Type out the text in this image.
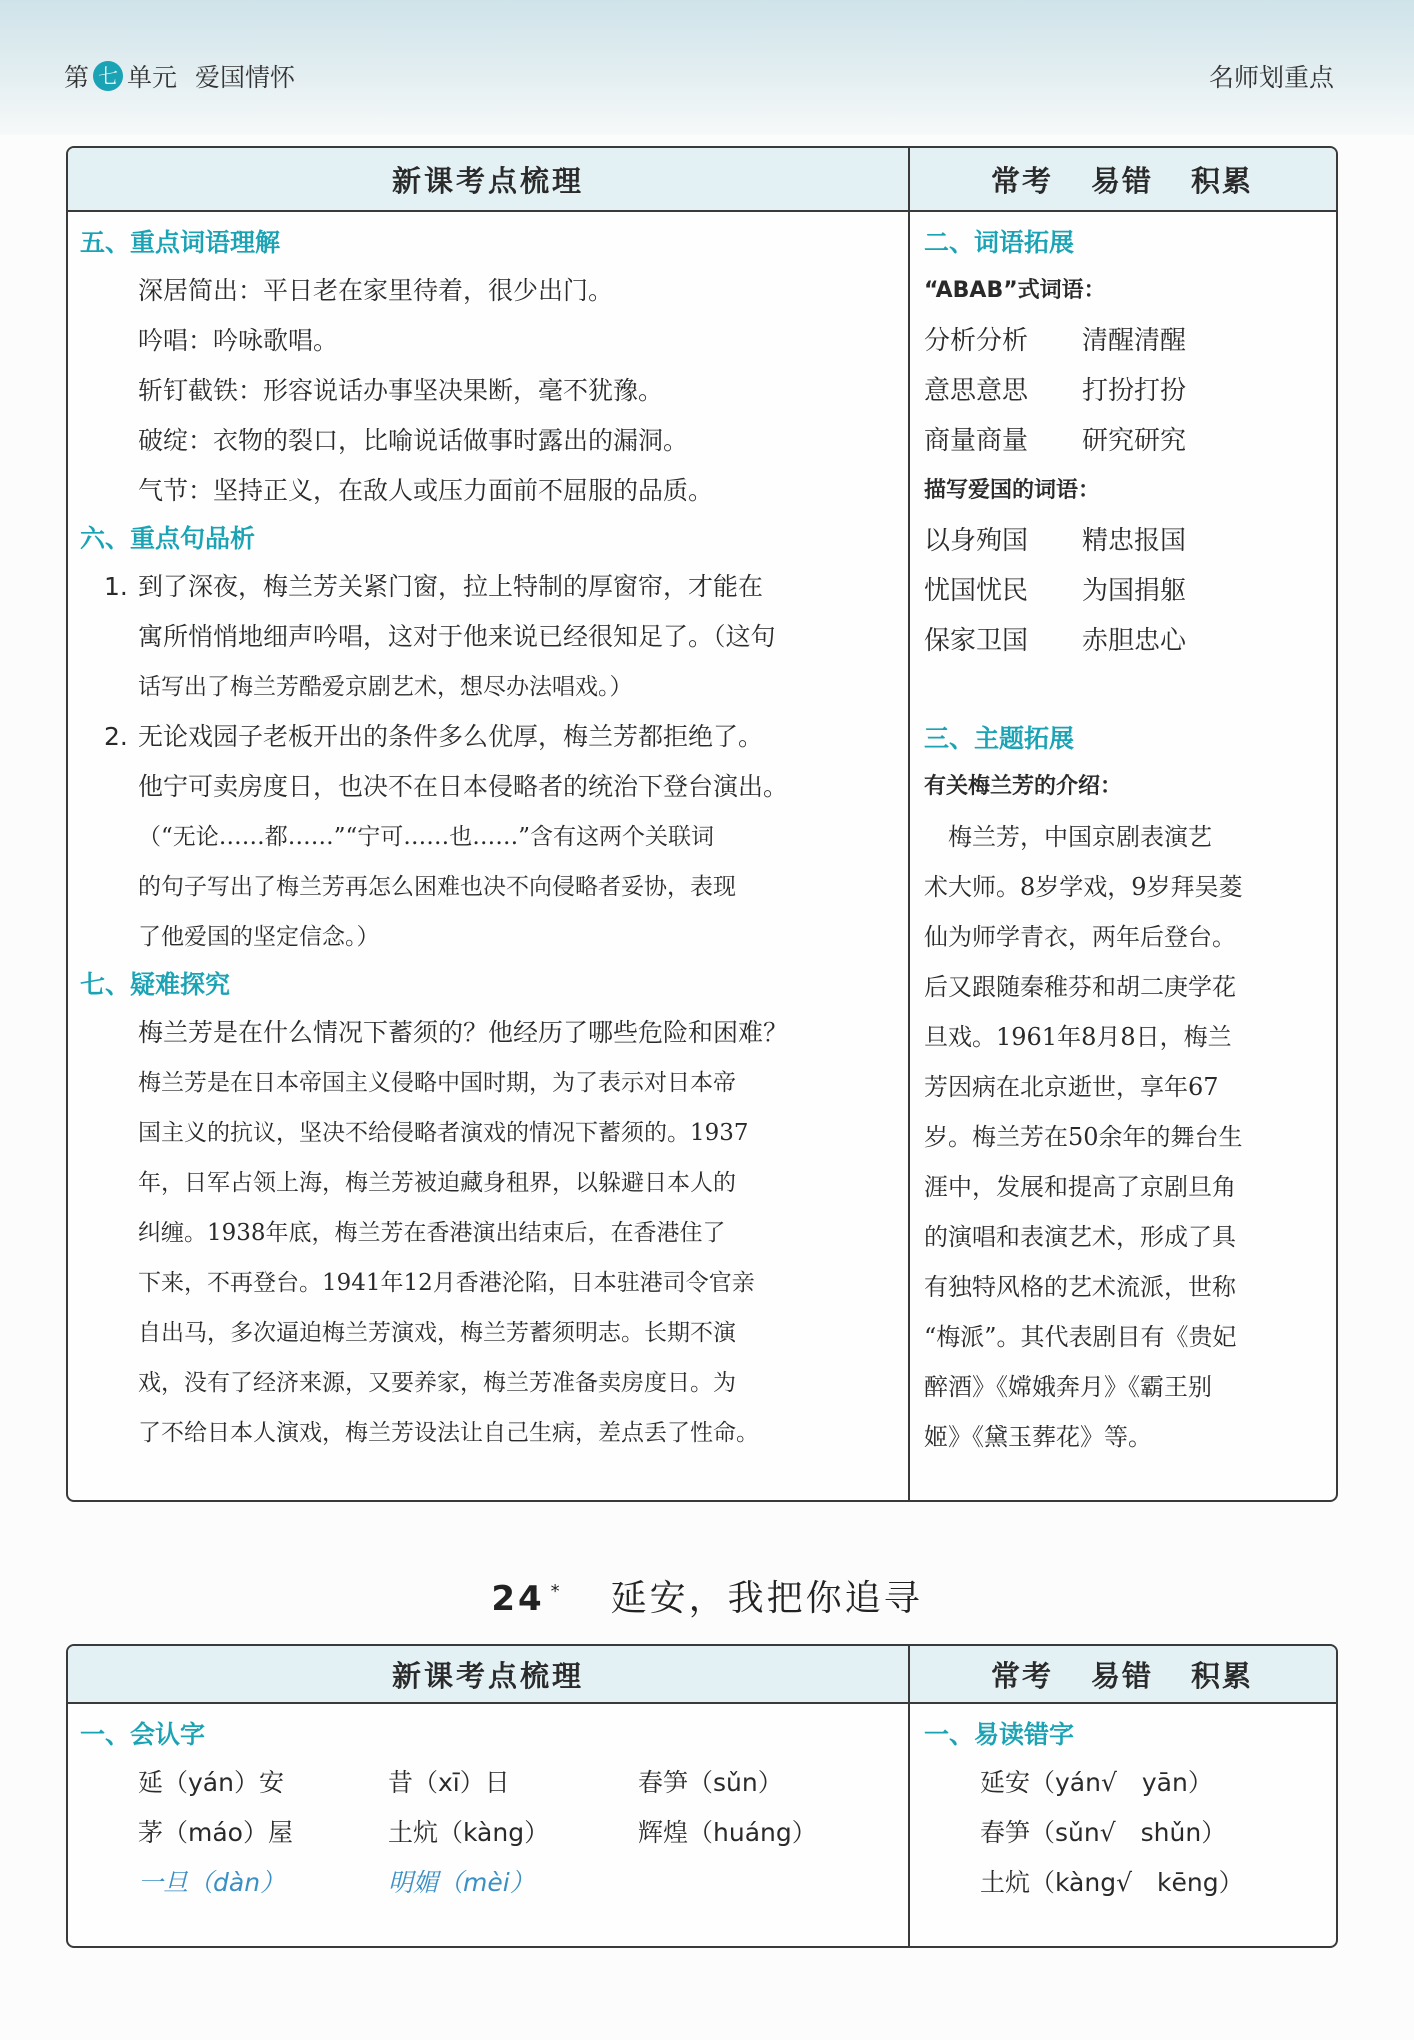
第 七 单元 爱国情怀	名师划重点
新课考点梳理	常考 易错 积累
五、重点词语理解
深居简出：平日老在家里待着，很少出门。
吟唱：吟咏歌唱。
斩钉截铁：形容说话办事坚决果断，毫不犹豫。
破绽：衣物的裂口，比喻说话做事时露出的漏洞。
气节：坚持正义，在敌人或压力面前不屈服的品质。
六、重点句品析
1. 到了深夜，梅兰芳关紧门窗，拉上特制的厚窗帘，才能在
寓所悄悄地细声吟唱，这对于他来说已经很知足了。（这句
话写出了梅兰芳酷爱京剧艺术，想尽办法唱戏。）
2. 无论戏园子老板开出的条件多么优厚，梅兰芳都拒绝了。
他宁可卖房度日，也决不在日本侵略者的统治下登台演出。
（“无论……都……”“宁可……也……”含有这两个关联词
的句子写出了梅兰芳再怎么困难也决不向侵略者妥协，表现
了他爱国的坚定信念。）
七、疑难探究
梅兰芳是在什么情况下蓄须的？他经历了哪些危险和困难？
梅兰芳是在日本帝国主义侵略中国时期，为了表示对日本帝
国主义的抗议，坚决不给侵略者演戏的情况下蓄须的。1937
年，日军占领上海，梅兰芳被迫藏身租界，以躲避日本人的
纠缠。1938年底，梅兰芳在香港演出结束后，在香港住了
下来，不再登台。1941年12月香港沦陷，日本驻港司令官亲
自出马，多次逼迫梅兰芳演戏，梅兰芳蓄须明志。长期不演
戏，没有了经济来源，又要养家，梅兰芳准备卖房度日。为
了不给日本人演戏，梅兰芳设法让自己生病，差点丢了性命。
二、词语拓展
“ABAB”式词语：
分析分析 清醒清醒
意思意思 打扮打扮
商量商量 研究研究
描写爱国的词语：
以身殉国 精忠报国
忧国忧民 为国捐躯
保家卫国 赤胆忠心
三、主题拓展
有关梅兰芳的介绍：
　梅兰芳，中国京剧表演艺
术大师。8岁学戏，9岁拜吴菱
仙为师学青衣，两年后登台。
后又跟随秦稚芬和胡二庚学花
旦戏。1961年8月8日，梅兰
芳因病在北京逝世，享年67
岁。梅兰芳在50余年的舞台生
涯中，发展和提高了京剧旦角
的演唱和表演艺术，形成了具
有独特风格的艺术流派，世称
“梅派”。其代表剧目有《贵妃
醉酒》《嫦娥奔月》《霸王别
姬》《黛玉葬花》等。
24 * 延安，我把你追寻
新课考点梳理	常考 易错 积累
一、会认字
延（yán）安	昔（xī）日	春笋（sǔn）
茅（máo）屋	土炕（kàng）	辉煌（huáng）
一旦（dàn）	明媚（mèi）
一、易读错字
延安（yán√　yān）
春笋（sǔn√　shǔn）
土炕（kàng√　kēng）
